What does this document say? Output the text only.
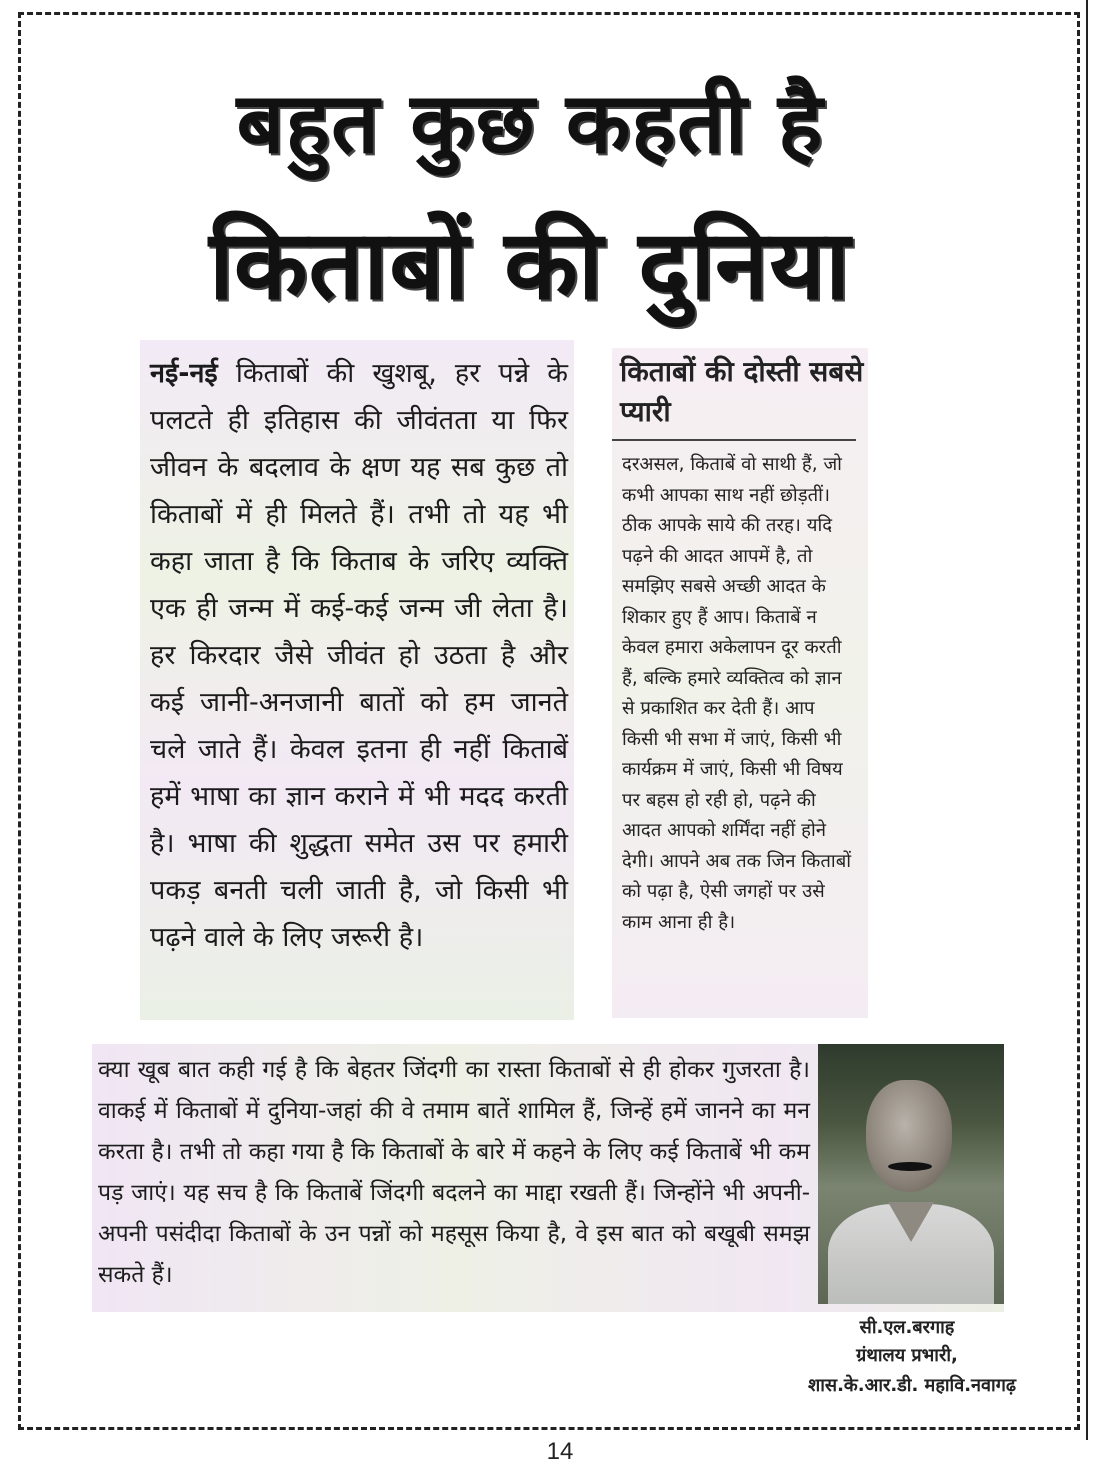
बहुत कुछ कहती है
किताबों की दुनिया
नई-नई किताबों की खुशबू, हर पन्ने के पलटते ही इतिहास की जीवंतता या फिर जीवन के बदलाव के क्षण यह सब कुछ तो किताबों में ही मिलते हैं। तभी तो यह भी कहा जाता है कि किताब के जरिए व्यक्ति एक ही जन्म में कई-कई जन्म जी लेता है। हर किरदार जैसे जीवंत हो उठता है और कई जानी-अनजानी बातों को हम जानते चले जाते हैं। केवल इतना ही नहीं किताबें हमें भाषा का ज्ञान कराने में भी मदद करती है। भाषा की शुद्धता समेत उस पर हमारी पकड़ बनती चली जाती है, जो किसी भी पढ़ने वाले के लिए जरूरी है।
किताबों की दोस्ती सबसे प्यारी
दरअसल, किताबें वो साथी हैं, जो कभी आपका साथ नहीं छोड़तीं। ठीक आपके साये की तरह। यदि पढ़ने की आदत आपमें है, तो समझिए सबसे अच्छी आदत के शिकार हुए हैं आप। किताबें न केवल हमारा अकेलापन दूर करती हैं, बल्कि हमारे व्यक्तित्व को ज्ञान से प्रकाशित कर देती हैं। आप किसी भी सभा में जाएं, किसी भी कार्यक्रम में जाएं, किसी भी विषय पर बहस हो रही हो, पढ़ने की आदत आपको शर्मिंदा नहीं होने देगी। आपने अब तक जिन किताबों को पढ़ा है, ऐसी जगहों पर उसे काम आना ही है।
क्या खूब बात कही गई है कि बेहतर जिंदगी का रास्ता किताबों से ही होकर गुजरता है। वाकई में किताबों में दुनिया-जहां की वे तमाम बातें शामिल हैं, जिन्हें हमें जानने का मन करता है। तभी तो कहा गया है कि किताबों के बारे में कहने के लिए कई किताबें भी कम पड़ जाएं। यह सच है कि किताबें जिंदगी बदलने का माद्दा रखती हैं। जिन्होंने भी अपनी-अपनी पसंदीदा किताबों के उन पन्नों को महसूस किया है, वे इस बात को बखूबी समझ सकते हैं।
सी.एल.बरगाह
ग्रंथालय प्रभारी,
शास.के.आर.डी. महावि.नवागढ़
14
